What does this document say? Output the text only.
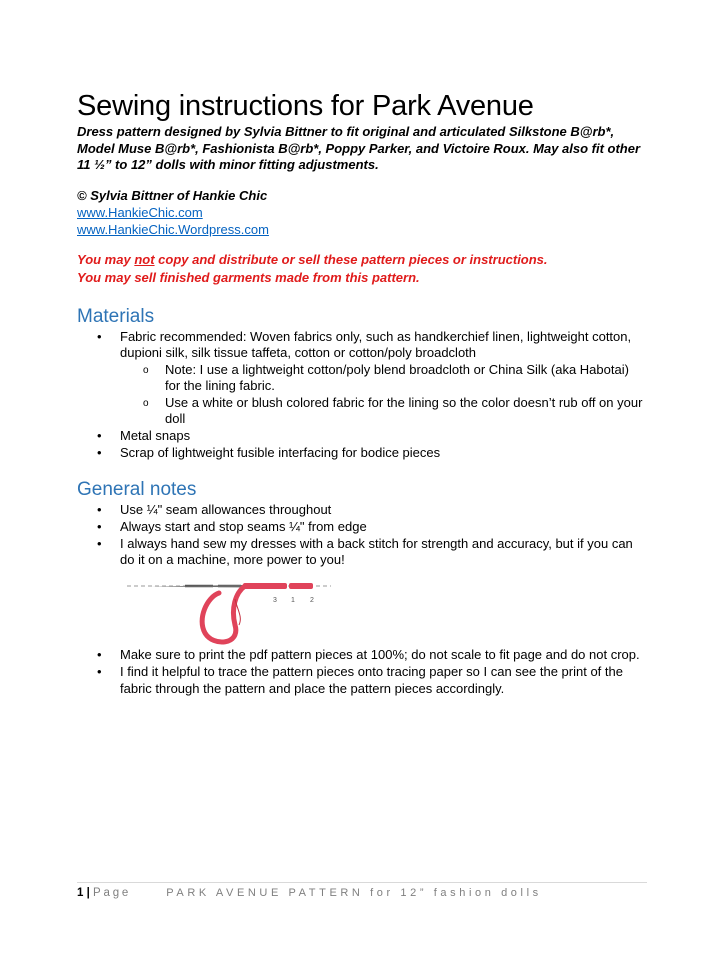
Sewing instructions for Park Avenue

Dress pattern designed by Sylvia Bittner to fit original and articulated Silkstone B@rb*, Model Muse B@rb*, Fashionista B@rb*, Poppy Parker, and Victoire Roux. May also fit other 11 ½” to 12” dolls with minor fitting adjustments.

© Sylvia Bittner of Hankie Chic
www.HankieChic.com
www.HankieChic.Wordpress.com
You may not copy and distribute or sell these pattern pieces or instructions.
You may sell finished garments made from this pattern.
Materials
• Fabric recommended: Woven fabrics only, such as handkerchief linen, lightweight cotton, dupioni silk, silk tissue taffeta, cotton or cotton/poly broadcloth
o Note: I use a lightweight cotton/poly blend broadcloth or China Silk (aka Habotai) for the lining fabric.
o Use a white or blush colored fabric for the lining so the color doesn’t rub off on your doll
• Metal snaps
• Scrap of lightweight fusible interfacing for bodice pieces
General notes
• Use ¼" seam allowances throughout
• Always start and stop seams ¼" from edge
• I always hand sew my dresses with a back stitch for strength and accuracy, but if you can do it on a machine, more power to you!
3 1 2
• Make sure to print the pdf pattern pieces at 100%; do not scale to fit page and do not crop.
• I find it helpful to trace the pattern pieces onto tracing paper so I can see the print of the fabric through the pattern and place the pattern pieces accordingly.
1 | Page	PARK AVENUE PATTERN for 12” fashion dolls
